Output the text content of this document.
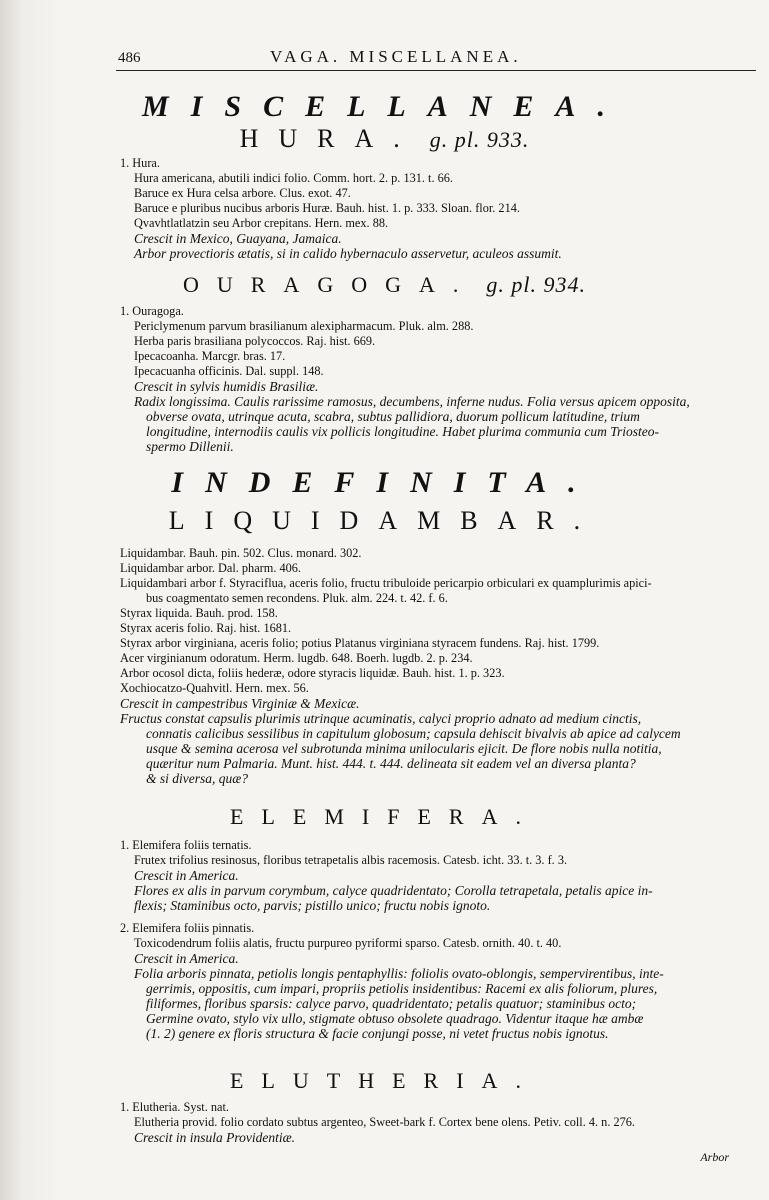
486	VAGA. MISCELLANEA.
MISCELLANEA.
HURA. g. pl. 933.
1. Hura.
Hura americana, abutili indici folio. Comm. hort. 2. p. 131. t. 66.
Baruce ex Hura celsa arbore. Clus. exot. 47.
Baruce e pluribus nucibus arboris Huræ. Bauh. hist. 1. p. 333. Sloan. flor. 214.
Qvavhtlatlatzin seu Arbor crepitans. Hern. mex. 88.
Crescit in Mexico, Guayana, Jamaica.
Arbor provectioris ætatis, si in calido hybernaculo asservetur, aculeos assumit.
OURAGOGA. g. pl. 934.
1. Ouragoga.
Periclymenum parvum brasilianum alexipharmacum. Pluk. alm. 288.
Herba paris brasiliana polycoccos. Raj. hist. 669.
Ipecacoanha. Marcgr. bras. 17.
Ipecacuanha officinis. Dal. suppl. 148.
Crescit in sylvis humidis Brasiliæ.
Radix longissima. Caulis rarissime ramosus, decumbens, inferne nudus. Folia versus apicem opposita,
obverse ovata, utrinque acuta, scabra, subtus pallidiora, duorum pollicum latitudine, trium
longitudine, internodiis caulis vix pollicis longitudine. Habet plurima communia cum Triosteo-
spermo Dillenii.
INDEFINITA.
LIQUIDAMBAR.
Liquidambar. Bauh. pin. 502. Clus. monard. 302.
Liquidambar arbor. Dal. pharm. 406.
Liquidambari arbor f. Styraciflua, aceris folio, fructu tribuloide pericarpio orbiculari ex quamplurimis apici-
bus coagmentato semen recondens. Pluk. alm. 224. t. 42. f. 6.
Styrax liquida. Bauh. prod. 158.
Styrax aceris folio. Raj. hist. 1681.
Styrax arbor virginiana, aceris folio; potius Platanus virginiana styracem fundens. Raj. hist. 1799.
Acer virginianum odoratum. Herm. lugdb. 648. Boerh. lugdb. 2. p. 234.
Arbor ocosol dicta, foliis hederæ, odore styracis liquidæ. Bauh. hist. 1. p. 323.
Xochiocatzo-Quahvitl. Hern. mex. 56.
Crescit in campestribus Virginiæ & Mexicæ.
Fructus constat capsulis plurimis utrinque acuminatis, calyci proprio adnato ad medium cinctis,
connatis calicibus sessilibus in capitulum globosum; capsula dehiscit bivalvis ab apice ad calycem
usque & semina acerosa vel subrotunda minima unilocularis ejicit. De flore nobis nulla notitia,
quæritur num Palmaria. Munt. hist. 444. t. 444. delineata sit eadem vel an diversa planta?
& si diversa, quæ?
ELEMIFERA.
1. Elemifera foliis ternatis.
Frutex trifolius resinosus, floribus tetrapetalis albis racemosis. Catesb. icht. 33. t. 3. f. 3.
Crescit in America.
Flores ex alis in parvum corymbum, calyce quadridentato; Corolla tetrapetala, petalis apice in-
flexis; Staminibus octo, parvis; pistillo unico; fructu nobis ignoto.
2. Elemifera foliis pinnatis.
Toxicodendrum foliis alatis, fructu purpureo pyriformi sparso. Catesb. ornith. 40. t. 40.
Crescit in America.
Folia arboris pinnata, petiolis longis pentaphyllis: foliolis ovato-oblongis, sempervirentibus, inte-
gerrimis, oppositis, cum impari, propriis petiolis insidentibus: Racemi ex alis foliorum, plures,
filiformes, floribus sparsis: calyce parvo, quadridentato; petalis quatuor; staminibus octo;
Germine ovato, stylo vix ullo, stigmate obtuso obsolete quadrago. Videntur itaque hæ ambæ
(1. 2) genere ex floris structura & facie conjungi posse, ni vetet fructus nobis ignotus.
ELUTHERIA.
1. Elutheria. Syst. nat.
Elutheria provid. folio cordato subtus argenteo, Sweet-bark f. Cortex bene olens. Petiv. coll. 4. n. 276.
Crescit in insula Providentiæ.
Arbor
